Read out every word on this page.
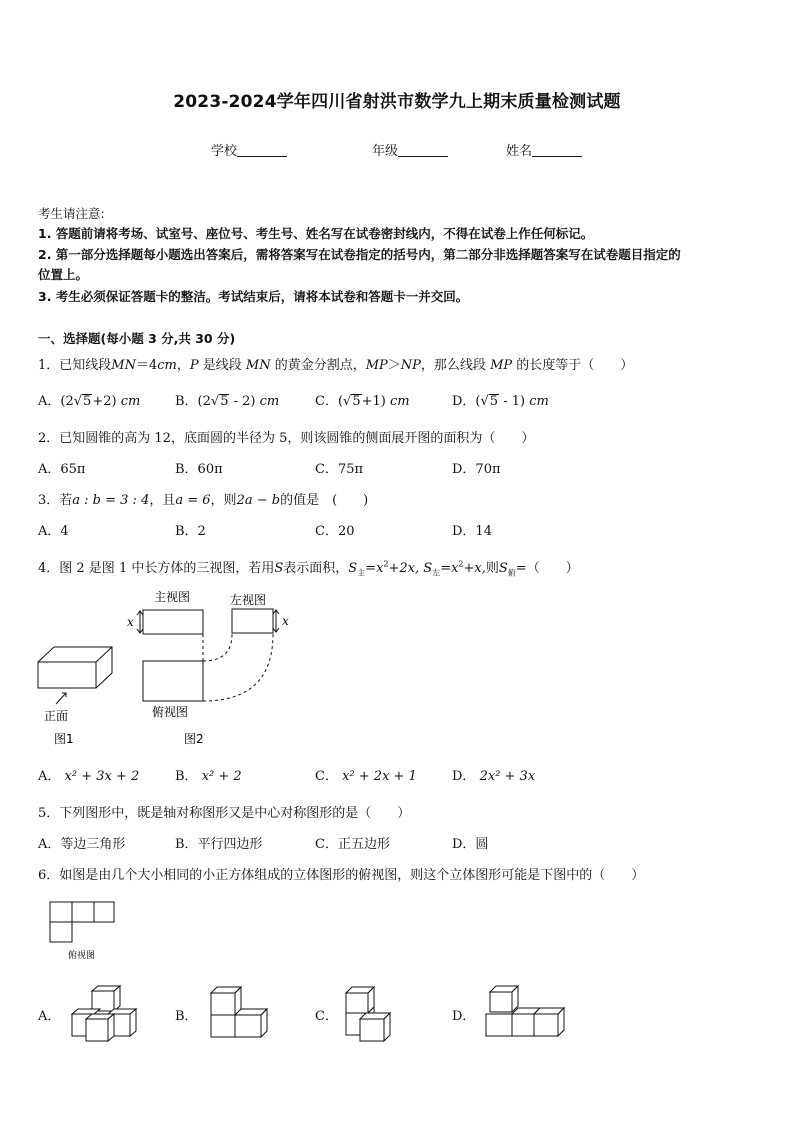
2023-2024学年四川省射洪市数学九上期末质量检测试题
学校	年级	姓名
考生请注意:
1. 答题前请将考场、试室号、座位号、考生号、姓名写在试卷密封线内，不得在试卷上作任何标记。
2. 第一部分选择题每小题选出答案后，需将答案写在试卷指定的括号内，第二部分非选择题答案写在试卷题目指定的
位置上。
3. 考生必须保证答题卡的整洁。考试结束后，请将本试卷和答题卡一并交回。
一、选择题(每小题 3 分,共 30 分)
1．已知线段MN＝4cm，P 是线段 MN 的黄金分割点，MP＞NP，那么线段 MP 的长度等于（　　）
A．(2√5+2) cm	B．(2√5 - 2) cm	C．(√5+1) cm	D．(√5 - 1) cm
2．已知圆锥的高为 12，底面圆的半径为 5，则该圆锥的侧面展开图的面积为（　　）
A．65π	B．60π	C．75π	D．70π
3．若a : b = 3 : 4，且a = 6，则2a − b的值是　(　　)
A．4	B．2	C．20	D．14
4．图 2 是图 1 中长方体的三视图，若用S表示面积，$S_主=x^2+2x$, $S_左=x^2+x$,则$S_俯=$（　　）
主视图	左视图
俯视图
正面
图1	图2
x	x
A． x² + 3x + 2	B． x² + 2	C． x² + 2x + 1	D． 2x² + 3x
5．下列图形中，既是轴对称图形又是中心对称图形的是（　　）
A．等边三角形	B．平行四边形	C．正五边形	D．圆
6．如图是由几个大小相同的小正方体组成的立体图形的俯视图，则这个立体图形可能是下图中的（　　）
俯视图
A．	B．	C．	D．
